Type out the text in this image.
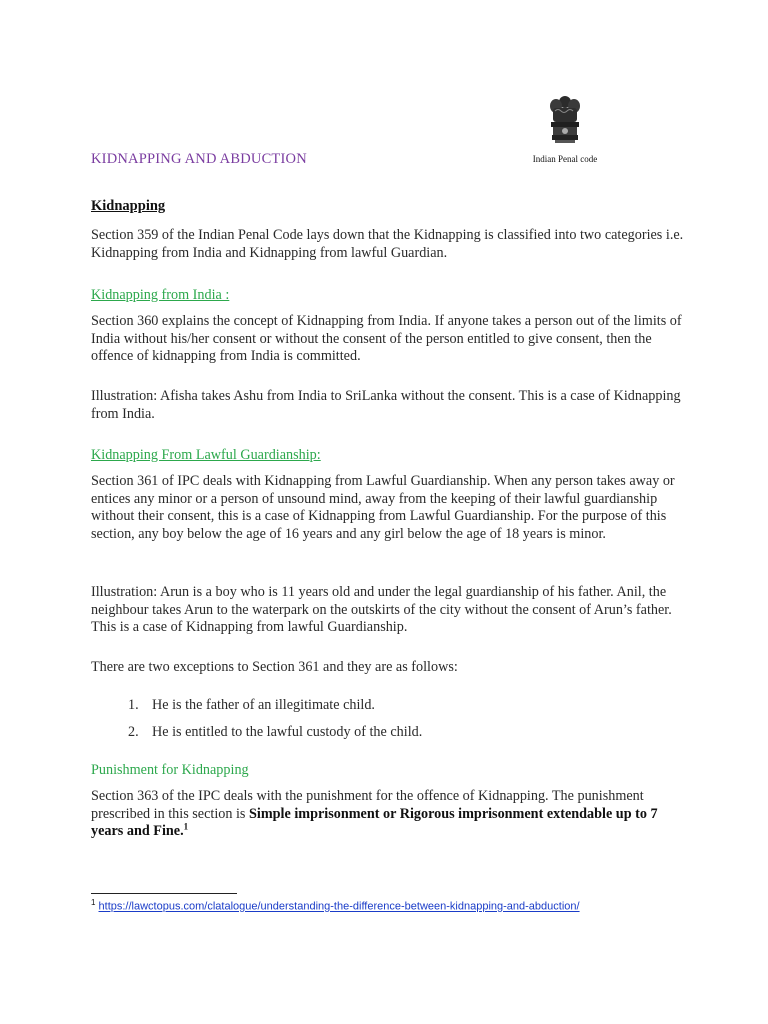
Indian Penal code
KIDNAPPING AND ABDUCTION
Kidnapping
Section 359 of the Indian Penal Code lays down that the Kidnapping is classified into two categories i.e. Kidnapping from India and Kidnapping from lawful Guardian.
Kidnapping from India :
Section 360 explains the concept of Kidnapping from India. If anyone takes a person out of the limits of India without his/her consent or without the consent of the person entitled to give consent, then the offence of kidnapping from India is committed.
Illustration: Afisha takes Ashu from India to SriLanka without the consent. This is a case of Kidnapping from India.
Kidnapping From Lawful Guardianship:
Section 361 of IPC deals with Kidnapping from Lawful Guardianship. When any person takes away or entices any minor or a person of unsound mind, away from the keeping of their lawful guardianship without their consent, this is a case of Kidnapping from Lawful Guardianship. For the purpose of this section, any boy below the age of 16 years and any girl below the age of 18 years is minor.
Illustration: Arun is a boy who is 11 years old and under the legal guardianship of his father. Anil, the neighbour takes Arun to the waterpark on the outskirts of the city without the consent of Arun’s father. This is a case of Kidnapping from lawful Guardianship.
There are two exceptions to Section 361 and they are as follows:
1. He is the father of an illegitimate child.
2. He is entitled to the lawful custody of the child.
Punishment for Kidnapping
Section 363 of the IPC deals with the punishment for the offence of Kidnapping. The punishment prescribed in this section is Simple imprisonment or Rigorous imprisonment extendable up to 7 years and Fine.$^1$
$^1$ https://lawctopus.com/clatalogue/understanding-the-difference-between-kidnapping-and-abduction/
